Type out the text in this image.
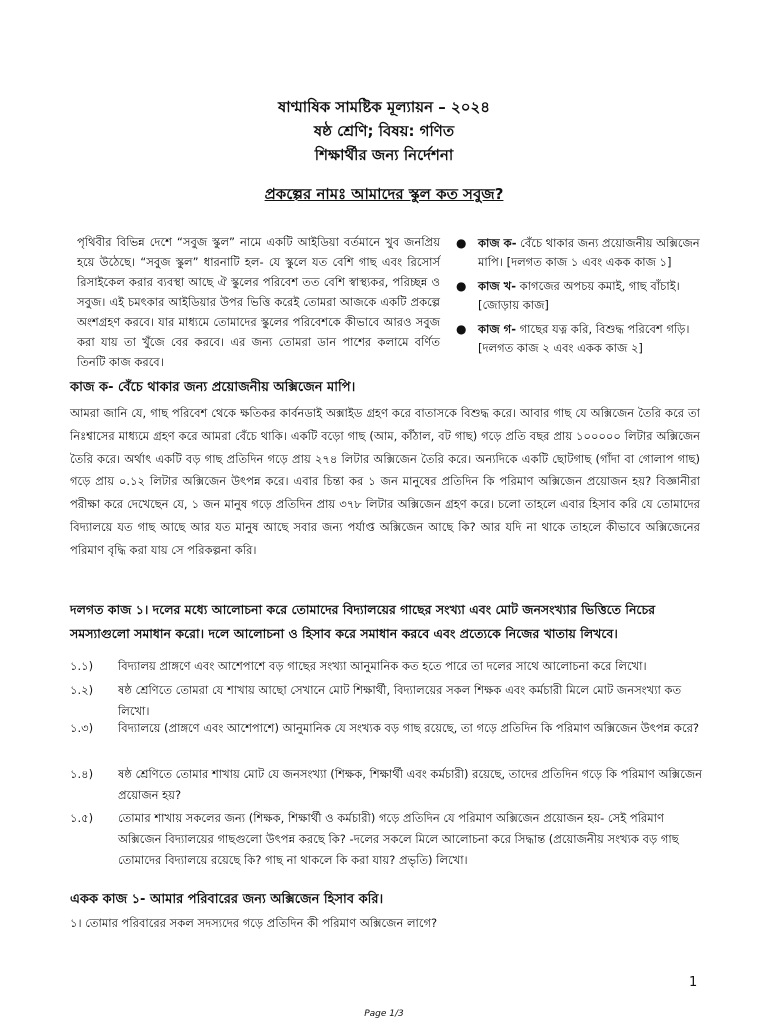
ষাণ্মাষিক সামষ্টিক মূল্যায়ন – ২০২৪
ষষ্ঠ শ্রেণি; বিষয়: গণিত
শিক্ষার্থীর জন্য নির্দেশনা
প্রকল্পের নামঃ আমাদের স্কুল কত সবুজ?
পৃথিবীর বিভিন্ন দেশে “সবুজ স্কুল” নামে একটি আইডিয়া বর্তমানে খুব জনপ্রিয় হয়ে উঠেছে। “সবুজ স্কুল” ধারনাটি হল- যে স্কুলে যত বেশি গাছ এবং রিসোর্স রিসাইকেল করার ব্যবস্থা আছে ঐ স্কুলের পরিবেশ তত বেশি স্বাস্থ্যকর, পরিচ্ছন্ন ও সবুজ। এই চমৎকার আইডিয়ার উপর ভিত্তি করেই তোমরা আজকে একটি প্রকল্পে অংশগ্রহণ করবে। যার মাধ্যমে তোমাদের স্কুলের পরিবেশকে কীভাবে আরও সবুজ করা যায় তা খুঁজে বের করবে। এর জন্য তোমরা ডান পাশের কলামে বর্ণিত তিনটি কাজ করবে।
● কাজ ক- বেঁচে থাকার জন্য প্রয়োজনীয় অক্সিজেন মাপি। [দলগত কাজ ১ এবং একক কাজ ১]
● কাজ খ- কাগজের অপচয় কমাই, গাছ বাঁচাই। [জোড়ায় কাজ]
● কাজ গ- গাছের যত্ন করি, বিশুদ্ধ পরিবেশ গড়ি।[দলগত কাজ ২ এবং একক কাজ ২]
কাজ ক- বেঁচে থাকার জন্য প্রয়োজনীয় অক্সিজেন মাপি।
আমরা জানি যে, গাছ পরিবেশ থেকে ক্ষতিকর কার্বনডাই অক্সাইড গ্রহণ করে বাতাসকে বিশুদ্ধ করে। আবার গাছ যে অক্সিজেন তৈরি করে তা নিঃশ্বাসের মাধ্যমে গ্রহণ করে আমরা বেঁচে থাকি। একটি বড়ো গাছ (আম, কাঁঠাল, বট গাছ) গড়ে প্রতি বছর প্রায় ১০০০০০ লিটার অক্সিজেন তৈরি করে। অর্থাৎ একটি বড় গাছ প্রতিদিন গড়ে প্রায় ২৭৪ লিটার অক্সিজেন তৈরি করে। অন্যদিকে একটি ছোটগাছ (গাঁদা বা গোলাপ গাছ) গড়ে প্রায় ০.১২ লিটার অক্সিজেন উৎপন্ন করে। এবার চিন্তা কর ১ জন মানুষের প্রতিদিন কি পরিমাণ অক্সিজেন প্রয়োজন হয়? বিজ্ঞানীরা পরীক্ষা করে দেখেছেন যে, ১ জন মানুষ গড়ে প্রতিদিন প্রায় ৩৭৮ লিটার অক্সিজেন গ্রহণ করে। চলো তাহলে এবার হিসাব করি যে তোমাদের বিদ্যালয়ে যত গাছ আছে আর যত মানুষ আছে সবার জন্য পর্যাপ্ত অক্সিজেন আছে কি? আর যদি না থাকে তাহলে কীভাবে অক্সিজেনের পরিমাণ বৃদ্ধি করা যায় সে পরিকল্পনা করি।
দলগত কাজ ১। দলের মধ্যে আলোচনা করে তোমাদের বিদ্যালয়ের গাছের সংখ্যা এবং মোট জনসংখ্যার ভিত্তিতে নিচের সমস্যাগুলো সমাধান করো। দলে আলোচনা ও হিসাব করে সমাধান করবে এবং প্রত্যেকে নিজের খাতায় লিখবে।
১.১)	বিদ্যালয় প্রাঙ্গণে এবং আশেপাশে বড় গাছের সংখ্যা আনুমানিক কত হতে পারে তা দলের সাথে আলোচনা করে লিখো।
১.২)	ষষ্ঠ শ্রেণিতে তোমরা যে শাখায় আছো সেখানে মোট শিক্ষার্থী, বিদ্যালয়ের সকল শিক্ষক এবং কর্মচারী মিলে মোট জনসংখ্যা কত লিখো।
১.৩)	বিদ্যালয়ে (প্রাঙ্গণে এবং আশেপাশে) আনুমানিক যে সংখ্যক বড় গাছ রয়েছে, তা গড়ে প্রতিদিন কি পরিমাণ অক্সিজেন উৎপন্ন করে?
১.৪)	ষষ্ঠ শ্রেণিতে তোমার শাখায় মোট যে জনসংখ্যা (শিক্ষক, শিক্ষার্থী এবং কর্মচারী) রয়েছে, তাদের প্রতিদিন গড়ে কি পরিমাণ অক্সিজেন প্রয়োজন হয়?
১.৫)	তোমার শাখায় সকলের জন্য (শিক্ষক, শিক্ষার্থী ও কর্মচারী) গড়ে প্রতিদিন যে পরিমাণ অক্সিজেন প্রয়োজন হয়- সেই পরিমাণ অক্সিজেন বিদ্যালয়ের গাছগুলো উৎপন্ন করছে কি? -দলের সকলে মিলে আলোচনা করে সিদ্ধান্ত (প্রয়োজনীয় সংখ্যক বড় গাছ তোমাদের বিদ্যালয়ে রয়েছে কি? গাছ না থাকলে কি করা যায়? প্রভৃতি) লিখো।
একক কাজ ১- আমার পরিবারের জন্য অক্সিজেন হিসাব করি।
১। তোমার পরিবারের সকল সদস্যদের গড়ে প্রতিদিন কী পরিমাণ অক্সিজেন লাগে?
1
Page 1/3
